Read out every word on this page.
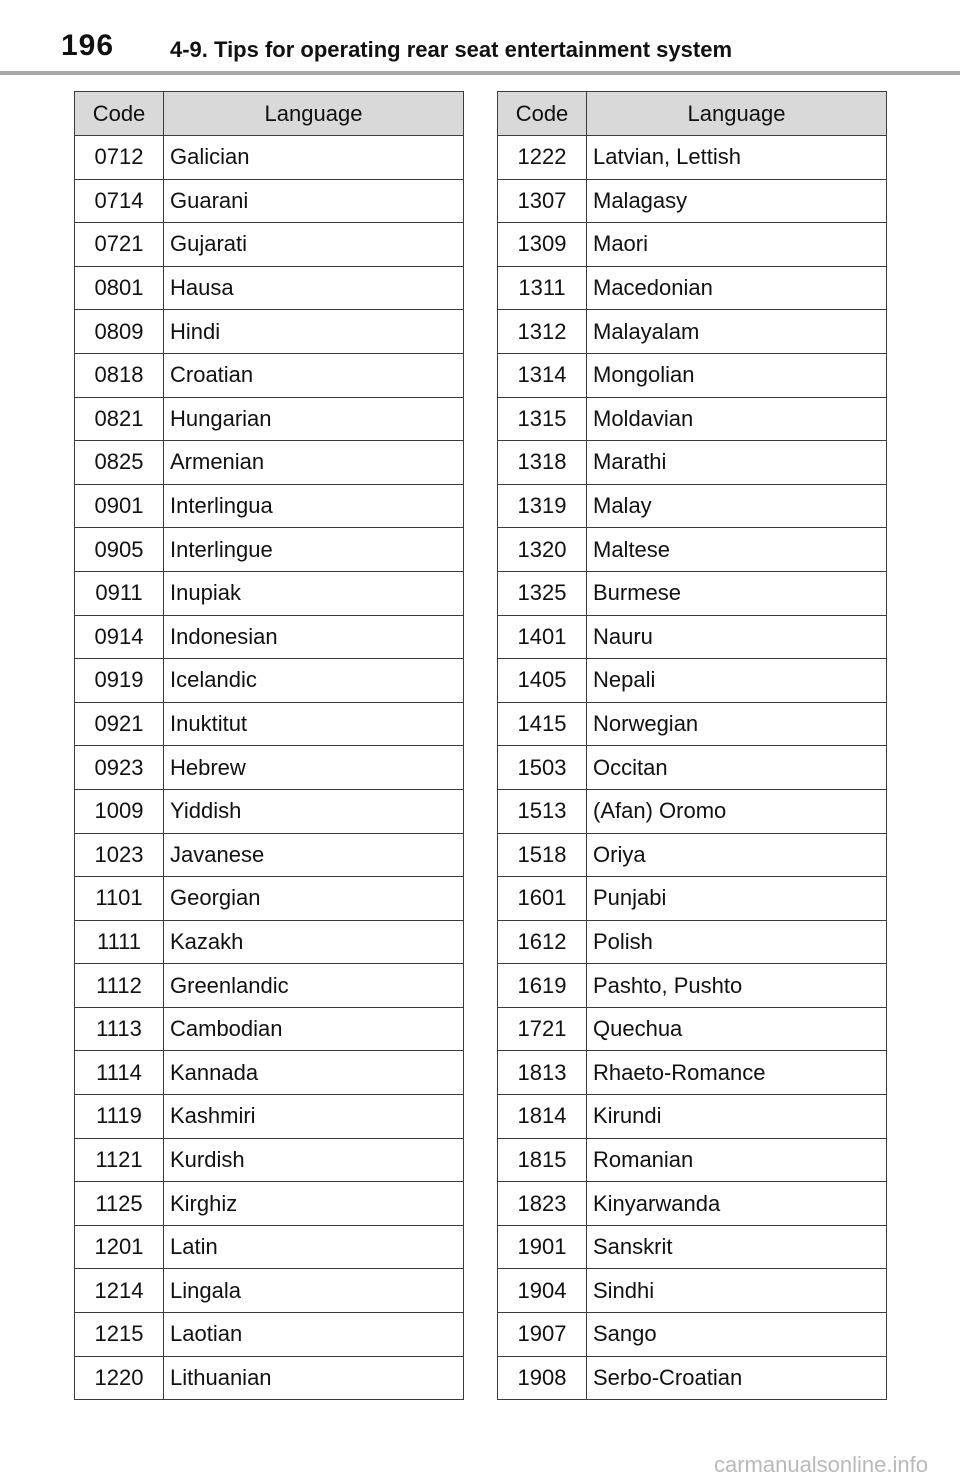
196	4-9. Tips for operating rear seat entertainment system
Code	Language
0712	Galician
0714	Guarani
0721	Gujarati
0801	Hausa
0809	Hindi
0818	Croatian
0821	Hungarian
0825	Armenian
0901	Interlingua
0905	Interlingue
0911	Inupiak
0914	Indonesian
0919	Icelandic
0921	Inuktitut
0923	Hebrew
1009	Yiddish
1023	Javanese
1101	Georgian
1111	Kazakh
1112	Greenlandic
1113	Cambodian
1114	Kannada
1119	Kashmiri
1121	Kurdish
1125	Kirghiz
1201	Latin
1214	Lingala
1215	Laotian
1220	Lithuanian
Code	Language
1222	Latvian, Lettish
1307	Malagasy
1309	Maori
1311	Macedonian
1312	Malayalam
1314	Mongolian
1315	Moldavian
1318	Marathi
1319	Malay
1320	Maltese
1325	Burmese
1401	Nauru
1405	Nepali
1415	Norwegian
1503	Occitan
1513	(Afan) Oromo
1518	Oriya
1601	Punjabi
1612	Polish
1619	Pashto, Pushto
1721	Quechua
1813	Rhaeto-Romance
1814	Kirundi
1815	Romanian
1823	Kinyarwanda
1901	Sanskrit
1904	Sindhi
1907	Sango
1908	Serbo-Croatian
carmanualsonline.info
